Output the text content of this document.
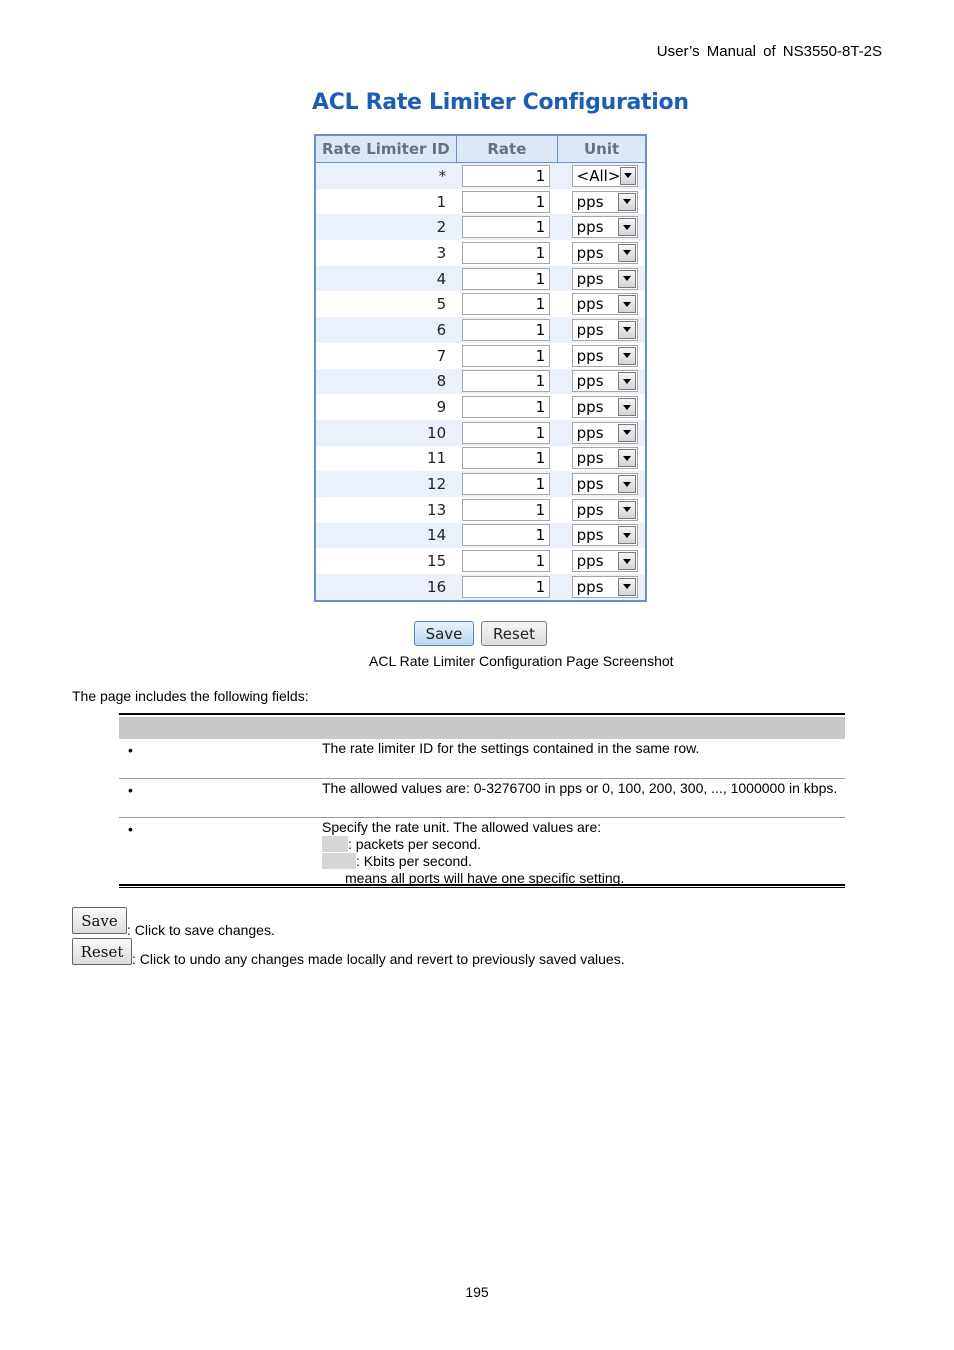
User’s Manual of NS3550-8T-2S
ACL Rate Limiter Configuration
Rate Limiter ID	Rate	Unit
*	1	<All>

1	1	pps

2	1	pps

3	1	pps

4	1	pps

5	1	pps

6	1	pps

7	1	pps

8	1	pps

9	1	pps

10	1	pps

11	1	pps

12	1	pps

13	1	pps

14	1	pps

15	1	pps

16	1	pps
Save	Reset
ACL Rate Limiter Configuration Page Screenshot
The page includes the following fields:
•	The rate limiter ID for the settings contained in the same row.
•	The allowed values are: 0-3276700 in pps or 0, 100, 200, 300, ..., 1000000 in kbps.
•	Specify the rate unit. The allowed values are:
: packets per second.
: Kbits per second.
means all ports will have one specific setting.
Save
: Click to save changes.
Reset : Click to undo any changes made locally and revert to previously saved values.
195
